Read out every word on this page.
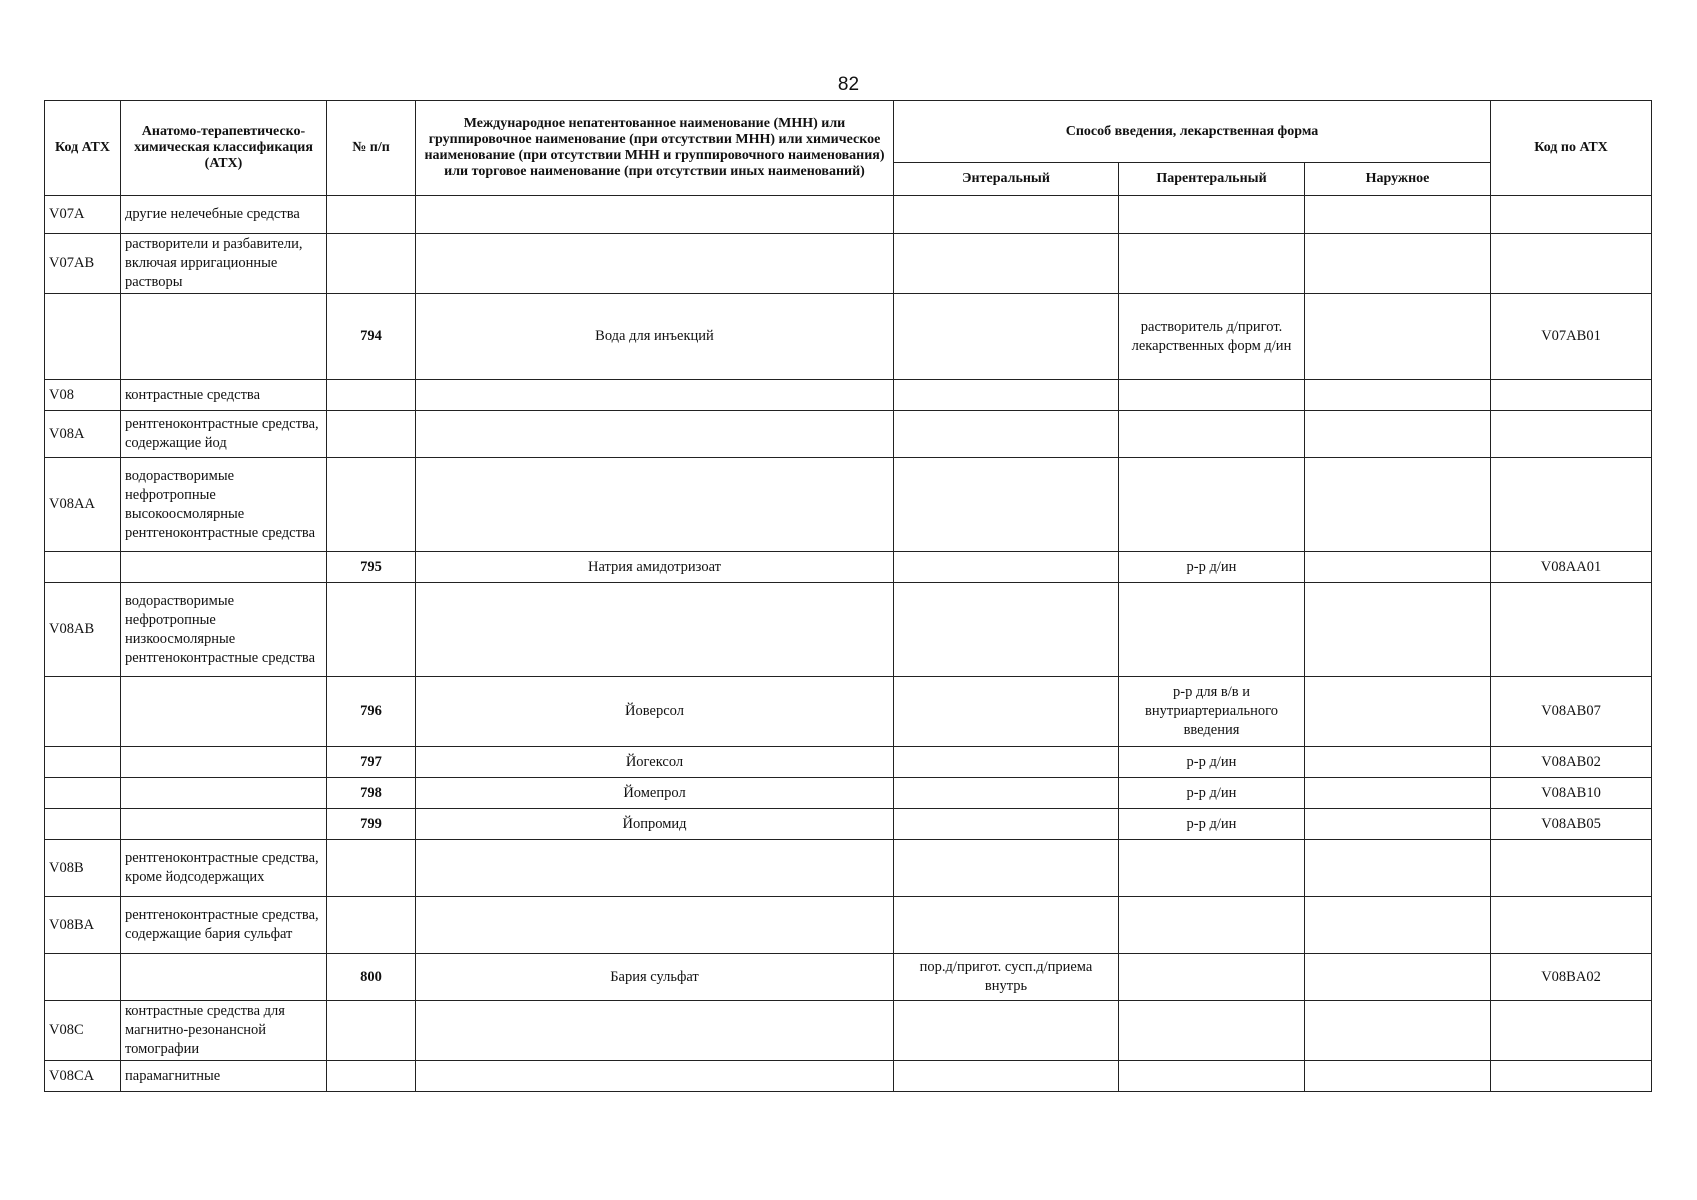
82
Код АТХ	Анатомо-терапевтическо-химическая классификация (АТХ)	№ п/п	Международное непатентованное наименование (МНН) или группировочное наименование (при отсутствии МНН) или химическое наименование (при отсутствии МНН и группировочного наименования) или торговое наименование (при отсутствии иных наименований)	Способ введения, лекарственная форма			Код по АТХ
				Энтеральный	Парентеральный	Наружное	
V07A	другие нелечебные средства						
V07AB	растворители и разбавители, включая ирригационные растворы						
		794	Вода для инъекций		растворитель д/пригот. лекарственных форм д/ин		V07AB01
V08	контрастные средства						
V08A	рентгеноконтрастные средства, содержащие йод						
V08AA	водорастворимые нефротропные высокоосмолярные рентгеноконтрастные средства						
		795	Натрия амидотризоат		р-р д/ин		V08AA01
V08AB	водорастворимые нефротропные низкоосмолярные рентгеноконтрастные средства						
		796	Йоверсол		р-р для в/в и внутриартериального введения		V08AB07
		797	Йогексол		р-р д/ин		V08AB02
		798	Йомепрол		р-р д/ин		V08AB10
		799	Йопромид		р-р д/ин		V08AB05
V08B	рентгеноконтрастные средства, кроме йодсодержащих						
V08BA	рентгеноконтрастные средства, содержащие бария сульфат						
		800	Бария сульфат	пор.д/пригот. сусп.д/приема внутрь			V08BA02
V08C	контрастные средства для магнитно-резонансной томографии						
V08CA	парамагнитные						
